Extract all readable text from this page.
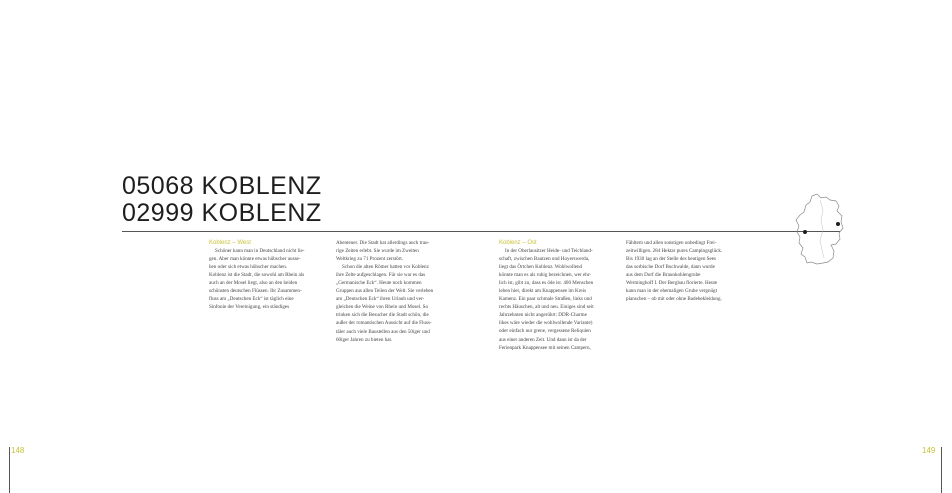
05068 KOBLENZ
02999 KOBLENZ

Koblenz – West

Schöner kann man in Deutschland nicht lie-

gen. Aber man könnte etwas hübscher ausse-

hen oder sich etwas hübscher machen.

Koblenz ist die Stadt, die sowohl am Rhein als

auch an der Mosel liegt, also an den beiden

schönsten deutschen Flüssen. Ihr Zusammen-

fluss am „Deutschen Eck“ ist täglich eine

Sinfonie der Vereinigung, ein ständiges

Abenteuer. Die Stadt hat allerdings auch trau-

rige Zeiten erlebt. Sie wurde im Zweiten

Weltkrieg zu 71 Prozent zerstört.

Schon die alten Römer hatten vor Koblenz

ihre Zelte aufgeschlagen. Für sie war es das

„Germanische Eck“. Heute noch kommen

Gruppen aus allen Teilen der Welt. Sie verleben

am „Deutschen Eck“ ihren Urlaub und ver-

gleichen die Weine von Rhein und Mosel. So

trinken sich die Besucher die Stadt schön, die

außer der romantischen Aussicht auf die Fluss-

täler auch viele Baustellen aus den 50iger und

60iger Jahren zu bieten hat.

Koblenz – Ost

In der Oberlausitzer Heide- und Teichland-

schaft, zwischen Bautzen und Hoyerswerda,

liegt das Örtchen Koblenz. Wohlwollend

könnte man es als ruhig bezeichnen, wer ehr-

lich ist, gibt zu, dass es öde ist. 400 Menschen

leben hier, direkt am Knappensee im Kreis

Kamenz. Ein paar schmale Straßen, links und

rechts Häuschen, alt und neu. Einiges sind seit

Jahrzehnten nicht angerührt: DDR-Charme

likes wäre wieder die wohlwollende Variante)

oder einfach nur grene, vergessene Reliquien

aus einer anderen Zeit. Und dann ist da der

Ferienpark Knappensee mit seinen Campern,

Fähltern und allen sonstigen unbedingt Frei-

zeitwilligen. 284 Hektar pures Campingsglück.

Bis 1930 lag an der Stelle des heutigen Sees

das sorbische Dorf Buchwalde, dann wurde

aus dem Dorf die Braunkohlengrube

Werminghoff I. Der Bergbau florierte. Heute

kann man in der ehemaligen Grube vergnügt

planschen – ob mit oder ohne Badebekleidung.

148	149
